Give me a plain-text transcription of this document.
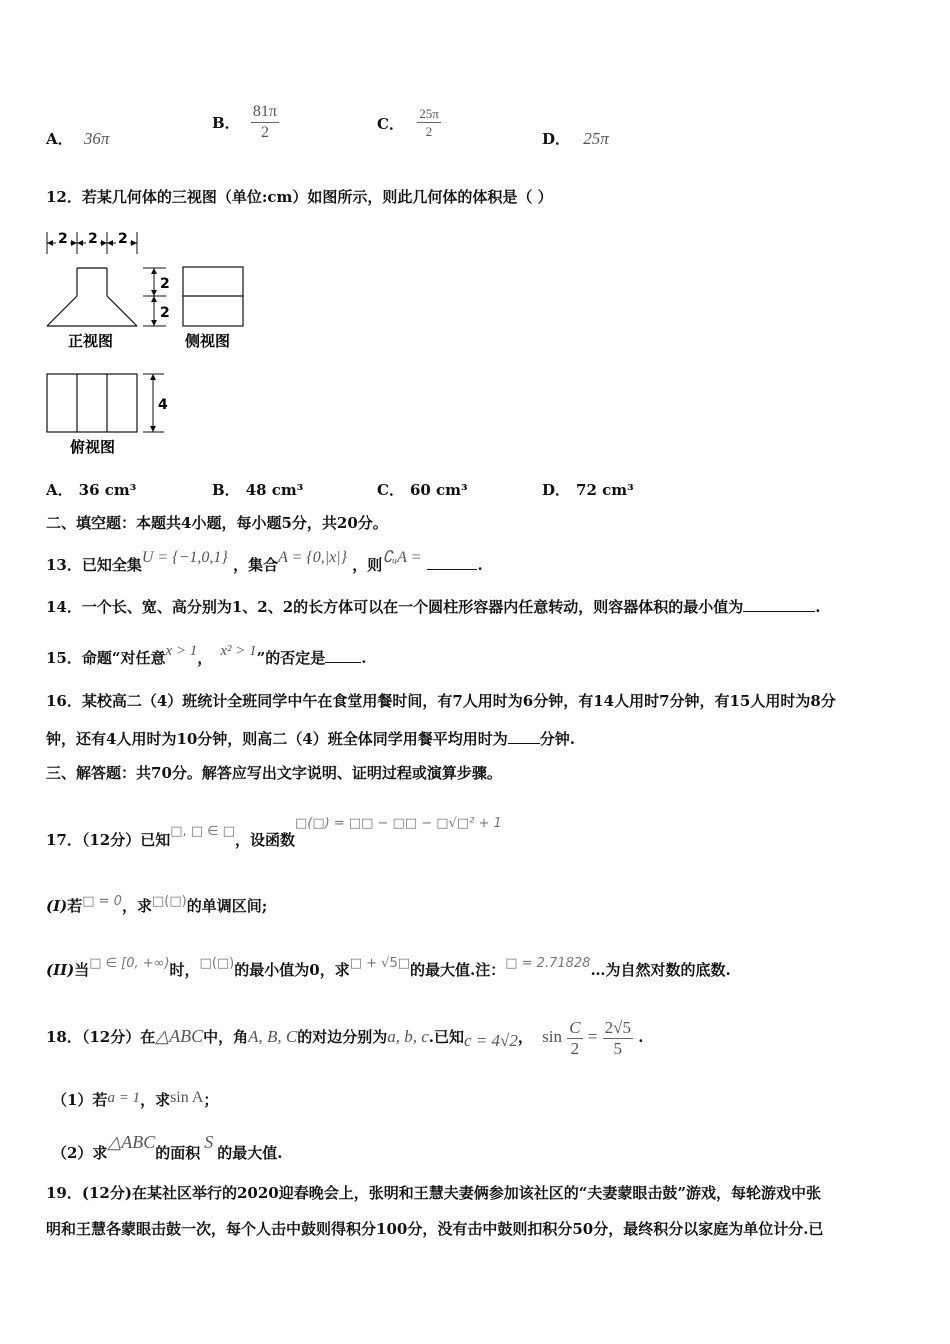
A． 36π
B． $\frac{81\pi}{2}$	C． $\frac{25\pi}{2}$	D． 25π
12．若某几何体的三视图（单位:cm）如图所示，则此几何体的体积是（ ）
2 2 2
2
2
正视图	侧视图
4
俯视图
A． 36 cm³	B． 48 cm³	C． 60 cm³	D． 72 cm³
二、填空题：本题共4小题，每小题5分，共20分。
13．已知全集U = {−1,0,1} ，集合A = {0,|x|} ，则∁ᵤA =	.
14．一个长、宽、高分别为1、2、2的长方体可以在一个圆柱形容器内任意转动，则容器体积的最小值为	.
15．命题“对任意x > 1， x² > 1”的否定是 .
16．某校高二（4）班统计全班同学中午在食堂用餐时间，有7人用时为6分钟，有14人用时7分钟，有15人用时为8分
钟，还有4人用时为10分钟，则高二（4）班全体同学用餐平均用时为 分钟.
三、解答题：共70分。解答应写出文字说明、证明过程或演算步骤。
17．（12分）已知□, □ ∈ □，设函数□(□) = □□ − □□ − □√□² + 1
(I)若□ = 0，求□(□)的单调区间;
(II)当□ ∈ [0, +∞)时，□(□)的最小值为0，求□ + √5□的最大值.注：□ = 2.71828…为自然对数的底数.
18．（12分）在△ABC中，角A, B, C的对边分别为a, b, c.已知c = 4√2， $\sin \frac{C}{2} = \frac{2√5}{5}$ .
（1）若a = 1，求sin A；
（2）求△ABC的面积S的最大值.
19．(12分)在某社区举行的2020迎春晚会上，张明和王慧夫妻俩参加该社区的“夫妻蒙眼击鼓”游戏，每轮游戏中张
明和王慧各蒙眼击鼓一次，每个人击中鼓则得积分100分，没有击中鼓则扣积分50分，最终积分以家庭为单位计分.已
